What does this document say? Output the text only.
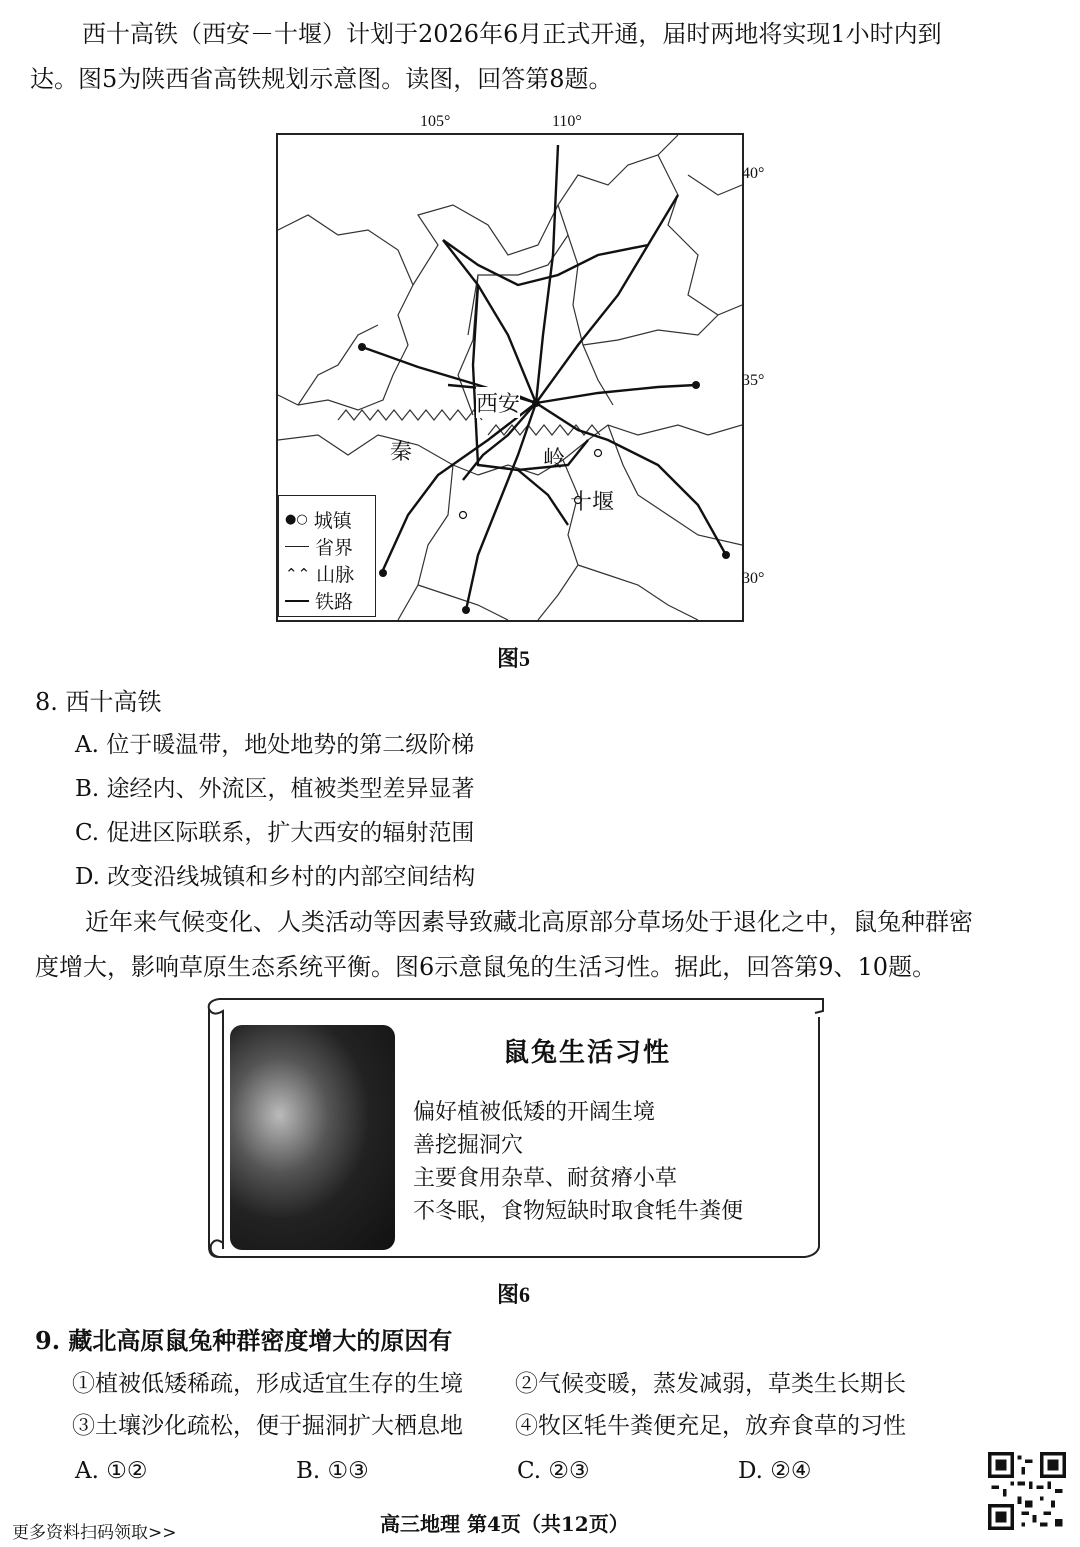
西十高铁（西安－十堰）计划于2026年6月正式开通，届时两地将实现1小时内到
达。图5为陕西省高铁规划示意图。读图，回答第8题。
105°	110°
西安
十堰
秦	岭
40°
35°
30°
●○ 城镇
省界
⌃⌃ 山脉
铁路
图5
8. 西十高铁
A. 位于暖温带，地处地势的第二级阶梯
B. 途经内、外流区，植被类型差异显著
C. 促进区际联系，扩大西安的辐射范围
D. 改变沿线城镇和乡村的内部空间结构
近年来气候变化、人类活动等因素导致藏北高原部分草场处于退化之中，鼠兔种群密
度增大，影响草原生态系统平衡。图6示意鼠兔的生活习性。据此，回答第9、10题。
鼠兔生活习性
偏好植被低矮的开阔生境
善挖掘洞穴
主要食用杂草、耐贫瘠小草
不冬眠，食物短缺时取食牦牛粪便
图6
9. 藏北高原鼠兔种群密度增大的原因有
①植被低矮稀疏，形成适宜生存的生境 ②气候变暖，蒸发减弱，草类生长期长
③土壤沙化疏松，便于掘洞扩大栖息地 ④牧区牦牛粪便充足，放弃食草的习性
A. ①②	B. ①③	C. ②③	D. ②④
更多资料扫码领取>>	高三地理 第4页（共12页）
